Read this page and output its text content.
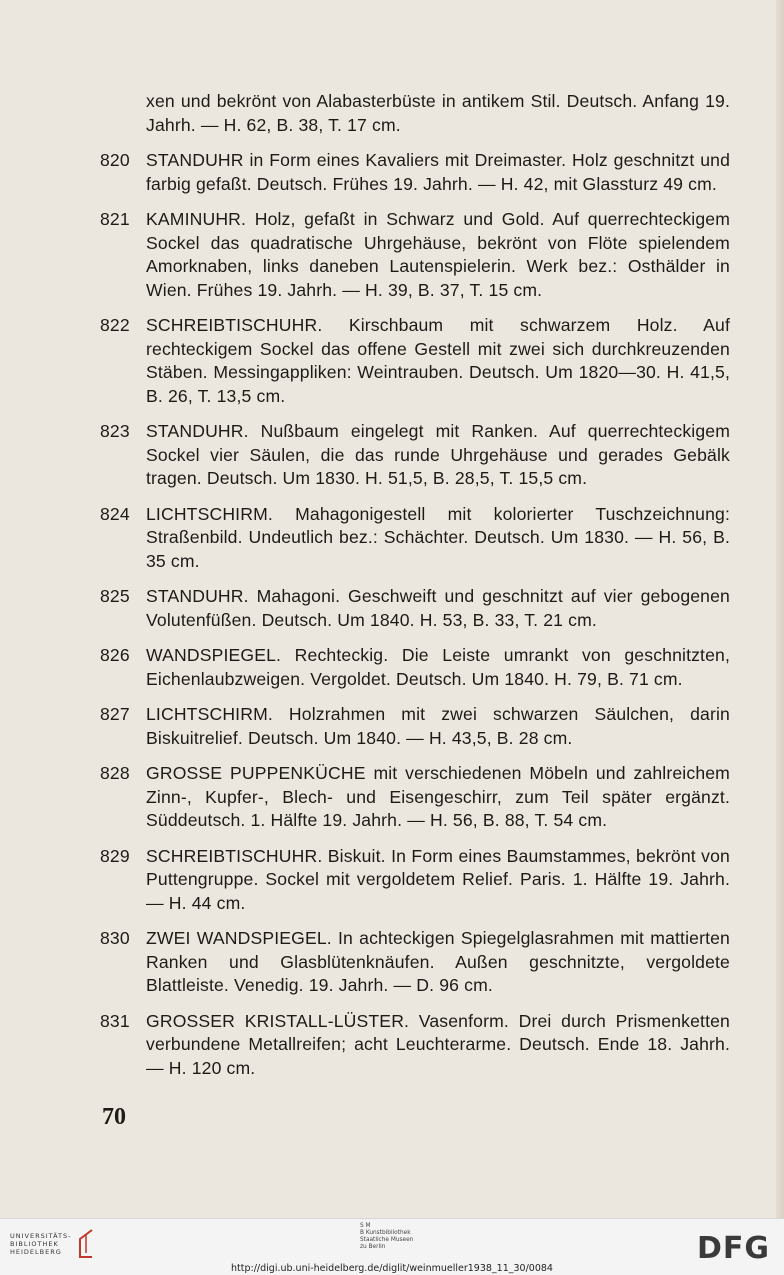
xen und bekrönt von Alabasterbüste in antikem Stil. Deutsch. Anfang 19. Jahrh. — H. 62, B. 38, T. 17 cm.
820 STANDUHR in Form eines Kavaliers mit Dreimaster. Holz geschnitzt und farbig gefaßt. Deutsch. Frühes 19. Jahrh. — H. 42, mit Glassturz 49 cm.
821 KAMINUHR. Holz, gefaßt in Schwarz und Gold. Auf querrechteckigem Sockel das quadratische Uhrgehäuse, bekrönt von Flöte spielendem Amorknaben, links daneben Lautenspielerin. Werk bez.: Osthälder in Wien. Frühes 19. Jahrh. — H. 39, B. 37, T. 15 cm.
822 SCHREIBTISCHUHR. Kirschbaum mit schwarzem Holz. Auf rechteckigem Sockel das offene Gestell mit zwei sich durchkreuzenden Stäben. Messingappliken: Weintrauben. Deutsch. Um 1820—30. H. 41,5, B. 26, T. 13,5 cm.
823 STANDUHR. Nußbaum eingelegt mit Ranken. Auf querrechteckigem Sockel vier Säulen, die das runde Uhrgehäuse und gerades Gebälk tragen. Deutsch. Um 1830. H. 51,5, B. 28,5, T. 15,5 cm.
824 LICHTSCHIRM. Mahagonigestell mit kolorierter Tuschzeichnung: Straßenbild. Undeutlich bez.: Schächter. Deutsch. Um 1830. — H. 56, B. 35 cm.
825 STANDUHR. Mahagoni. Geschweift und geschnitzt auf vier gebogenen Volutenfüßen. Deutsch. Um 1840. H. 53, B. 33, T. 21 cm.
826 WANDSPIEGEL. Rechteckig. Die Leiste umrankt von geschnitzten, Eichenlaubzweigen. Vergoldet. Deutsch. Um 1840. H. 79, B. 71 cm.
827 LICHTSCHIRM. Holzrahmen mit zwei schwarzen Säulchen, darin Biskuitrelief. Deutsch. Um 1840. — H. 43,5, B. 28 cm.
828 GROSSE PUPPENKÜCHE mit verschiedenen Möbeln und zahlreichem Zinn-, Kupfer-, Blech- und Eisengeschirr, zum Teil später ergänzt. Süddeutsch. 1. Hälfte 19. Jahrh. — H. 56, B. 88, T. 54 cm.
829 SCHREIBTISCHUHR. Biskuit. In Form eines Baumstammes, bekrönt von Puttengruppe. Sockel mit vergoldetem Relief. Paris. 1. Hälfte 19. Jahrh. — H. 44 cm.
830 ZWEI WANDSPIEGEL. In achteckigen Spiegelglasrahmen mit mattierten Ranken und Glasblütenknäufen. Außen geschnitzte, vergoldete Blattleiste. Venedig. 19. Jahrh. — D. 96 cm.
831 GROSSER KRISTALL-LÜSTER. Vasenform. Drei durch Prismenketten verbundene Metallreifen; acht Leuchterarme. Deutsch. Ende 18. Jahrh. — H. 120 cm.
70
UNIVERSITÄTS-
BIBLIOTHEK
HEIDELBERG
S M
B Kunstbibliothek
Staatliche Museen
zu Berlin	DFG
http://digi.ub.uni-heidelberg.de/diglit/weinmueller1938_11_30/0084
